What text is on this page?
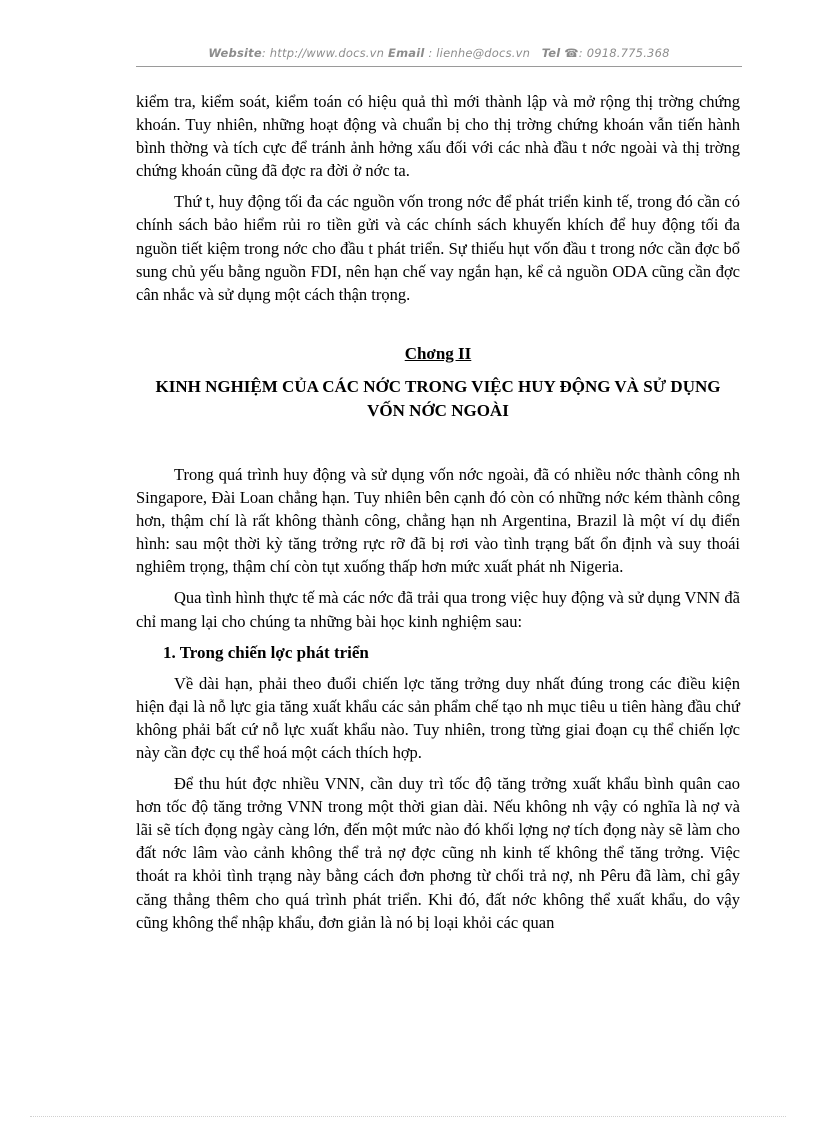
Website: http://www.docs.vn Email : lienhe@docs.vn Tel ☎: 0918.775.368

kiểm tra, kiểm soát, kiểm toán có hiệu quả thì mới thành lập và mở rộng thị trờng chứng khoán. Tuy nhiên, những hoạt động và chuẩn bị cho thị trờng chứng khoán vẫn tiến hành bình thờng và tích cực để tránh ảnh hởng xấu đối với các nhà đầu t nớc ngoài và thị trờng chứng khoán cũng đã đợc ra đời ở nớc ta.

Thứ t, huy động tối đa các nguồn vốn trong nớc để phát triển kinh tế, trong đó cần có chính sách bảo hiểm rủi ro tiền gửi và các chính sách khuyến khích để huy động tối đa nguồn tiết kiệm trong nớc cho đầu t phát triển. Sự thiếu hụt vốn đầu t trong nớc cần đợc bổ sung chủ yếu bằng nguồn FDI, nên hạn chế vay ngắn hạn, kể cả nguồn ODA cũng cần đợc cân nhắc và sử dụng một cách thận trọng.

Chơng II

KINH NGHIỆM CỦA CÁC NỚC TRONG VIỆC HUY ĐỘNG VÀ SỬ DỤNG VỐN NỚC NGOÀI

Trong quá trình huy động và sử dụng vốn nớc ngoài, đã có nhiều nớc thành công nh Singapore, Đài Loan chẳng hạn. Tuy nhiên bên cạnh đó còn có những nớc kém thành công hơn, thậm chí là rất không thành công, chẳng hạn nh Argentina, Brazil là một ví dụ điển hình: sau một thời kỳ tăng trởng rực rỡ đã bị rơi vào tình trạng bất ổn định và suy thoái nghiêm trọng, thậm chí còn tụt xuống thấp hơn mức xuất phát nh Nigeria.

Qua tình hình thực tế mà các nớc đã trải qua trong việc huy động và sử dụng VNN đã chỉ mang lại cho chúng ta những bài học kinh nghiệm sau:

1. Trong chiến lợc phát triển

Về dài hạn, phải theo đuổi chiến lợc tăng trởng duy nhất đúng trong các điều kiện hiện đại là nỗ lực gia tăng xuất khẩu các sản phẩm chế tạo nh mục tiêu u tiên hàng đầu chứ không phải bất cứ nỗ lực xuất khẩu nào. Tuy nhiên, trong từng giai đoạn cụ thể chiến lợc này cần đợc cụ thể hoá một cách thích hợp.

Để thu hút đợc nhiều VNN, cần duy trì tốc độ tăng trởng xuất khẩu bình quân cao hơn tốc độ tăng trởng VNN trong một thời gian dài. Nếu không nh vậy có nghĩa là nợ và lãi sẽ tích đọng ngày càng lớn, đến một mức nào đó khối lợng nợ tích đọng này sẽ làm cho đất nớc lâm vào cảnh không thể trả nợ đợc cũng nh kinh tế không thể tăng trởng. Việc thoát ra khỏi tình trạng này bằng cách đơn phơng từ chối trả nợ, nh Pêru đã làm, chỉ gây căng thẳng thêm cho quá trình phát triển. Khi đó, đất nớc không thể xuất khẩu, do vậy cũng không thể nhập khẩu, đơn giản là nó bị loại khỏi các quan
